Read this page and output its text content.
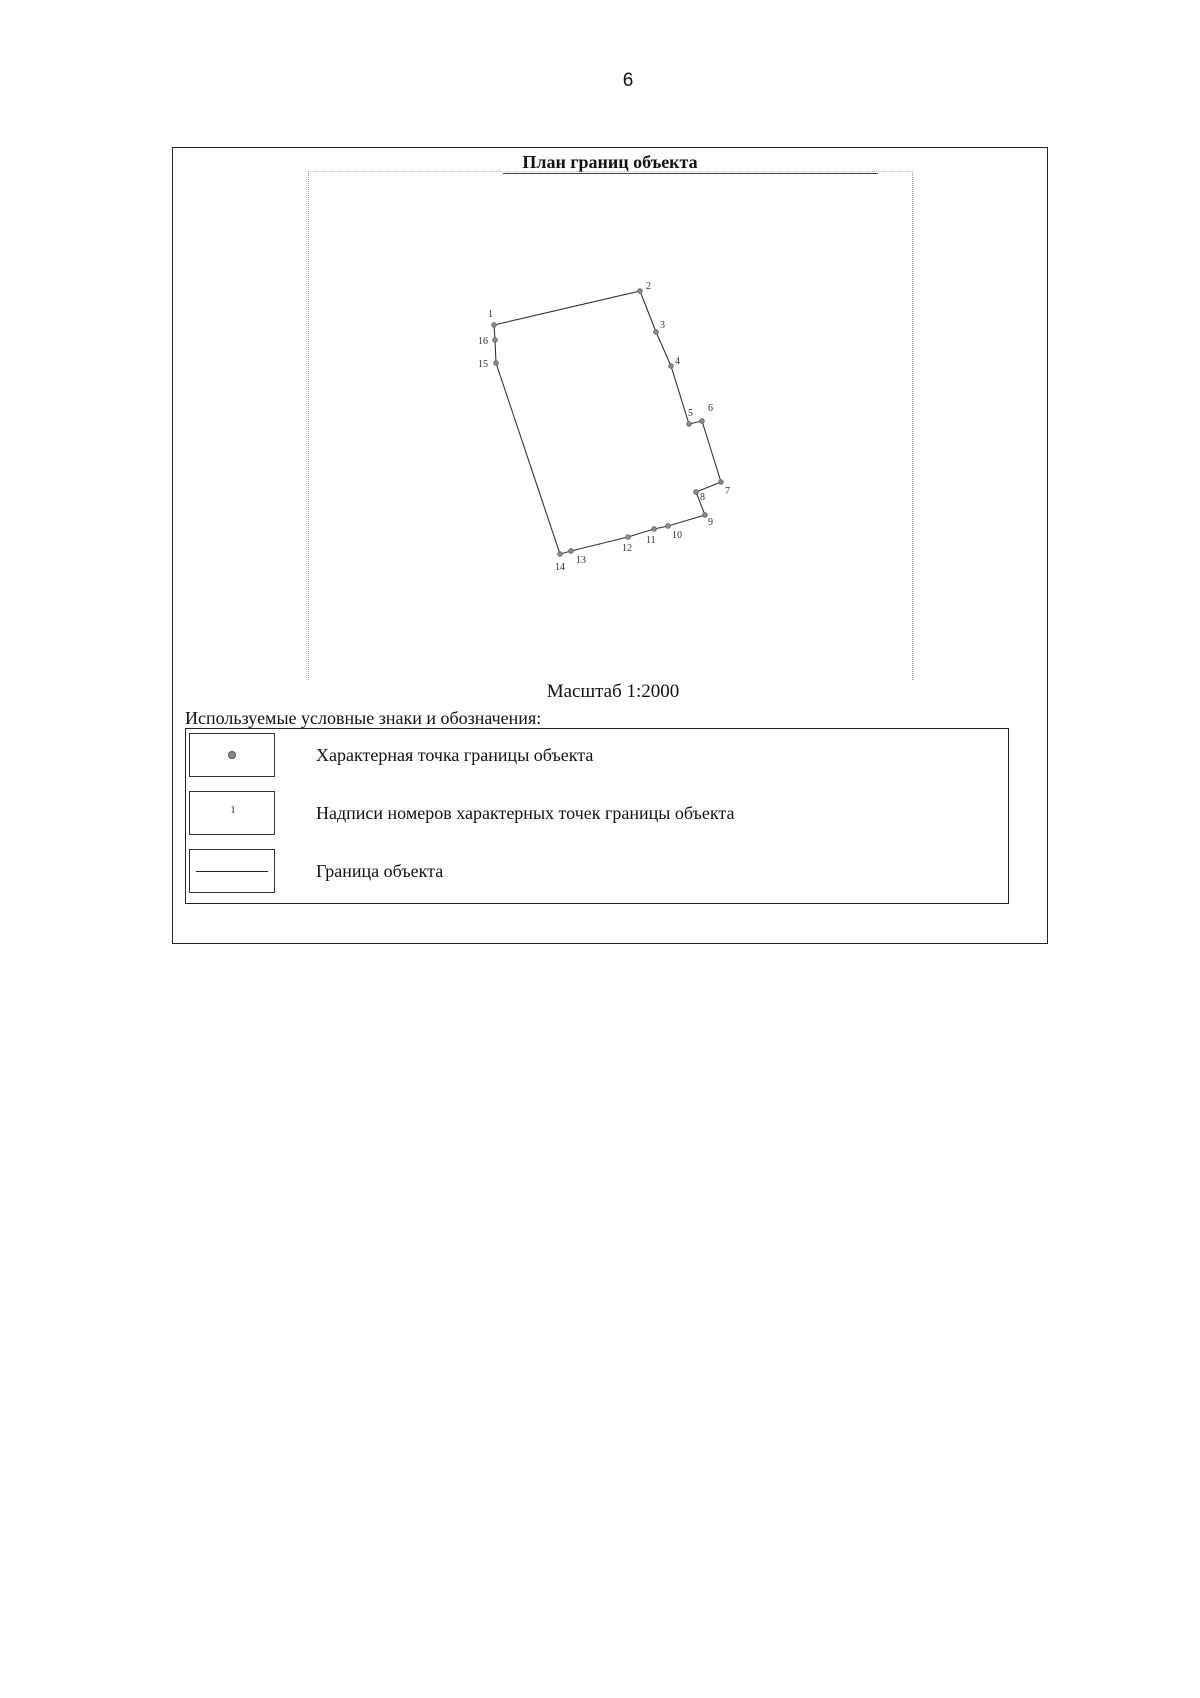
6
План границ объекта
1
2
3
4
5 6
7
8
9
10
11
12
13
14
15
16
Масштаб 1:2000
Используемые условные знаки и обозначения:
Характерная точка границы объекта
1	Надписи номеров характерных точек границы объекта
Граница объекта
